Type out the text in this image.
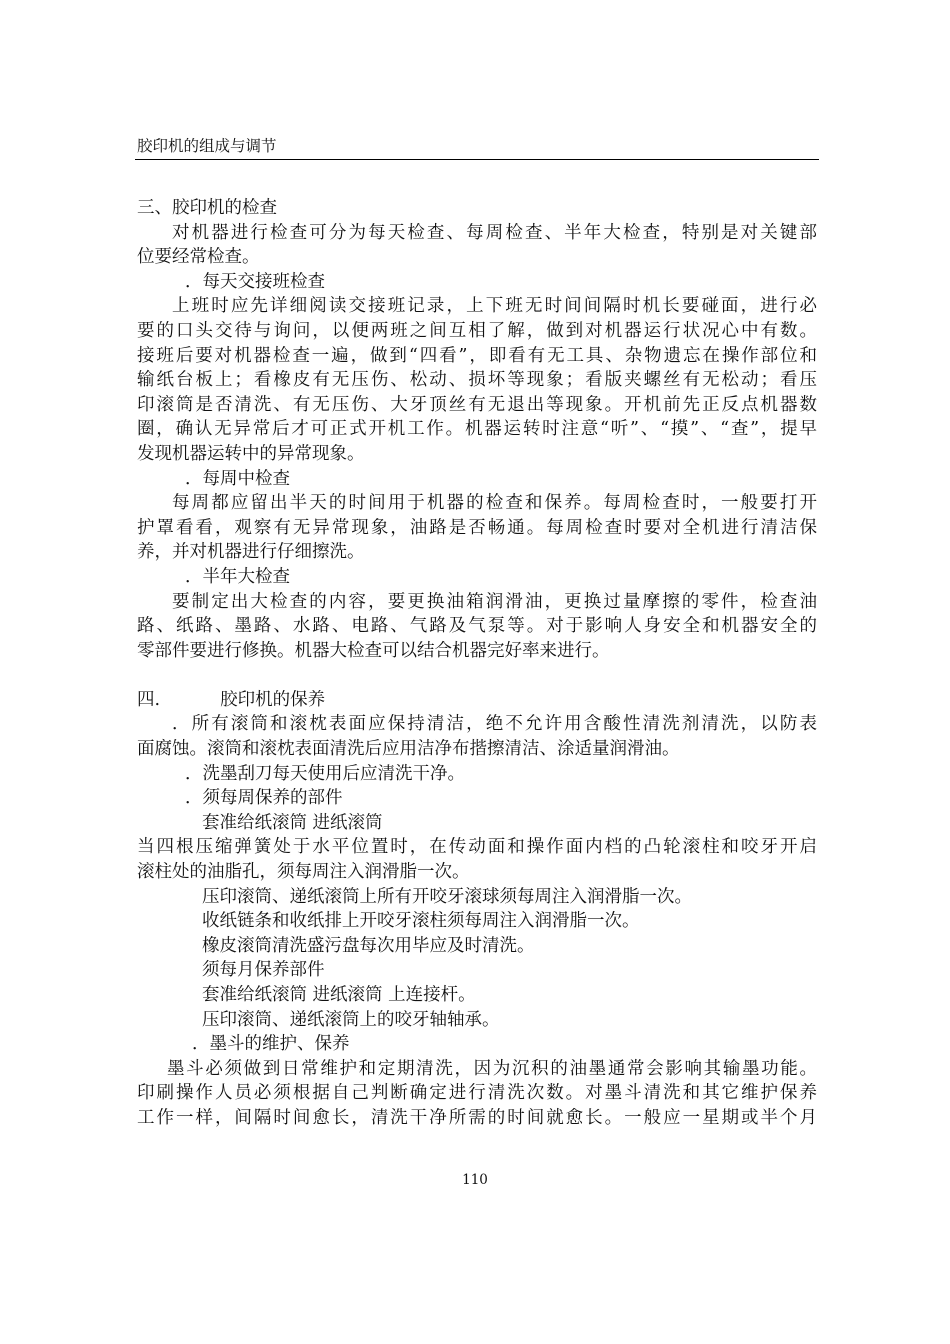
胶印机的组成与调节
三、胶印机的检查
对机器进行检查可分为每天检查、每周检查、半年大检查，特别是对关键部
位要经常检查。
．每天交接班检查
上班时应先详细阅读交接班记录，上下班无时间间隔时机长要碰面，进行必
要的口头交待与询问，以便两班之间互相了解，做到对机器运行状况心中有数。
接班后要对机器检查一遍，做到“四看”，即看有无工具、杂物遗忘在操作部位和
输纸台板上；看橡皮有无压伤、松动、损坏等现象；看版夹螺丝有无松动；看压
印滚筒是否清洗、有无压伤、大牙顶丝有无退出等现象。开机前先正反点机器数
圈，确认无异常后才可正式开机工作。机器运转时注意“听”、“摸”、“查”，提早
发现机器运转中的异常现象。
．每周中检查
每周都应留出半天的时间用于机器的检查和保养。每周检查时，一般要打开
护罩看看，观察有无异常现象，油路是否畅通。每周检查时要对全机进行清洁保
养，并对机器进行仔细擦洗。
．半年大检查
要制定出大检查的内容，要更换油箱润滑油，更换过量摩擦的零件，检查油
路、纸路、墨路、水路、电路、气路及气泵等。对于影响人身安全和机器安全的
零部件要进行修换。机器大检查可以结合机器完好率来进行。
四.	胶印机的保养
．所有滚筒和滚枕表面应保持清洁，绝不允许用含酸性清洗剂清洗，以防表
面腐蚀。滚筒和滚枕表面清洗后应用洁净布揩擦清洁、涂适量润滑油。
．洗墨刮刀每天使用后应清洗干净。
．须每周保养的部件
套准给纸滚筒 进纸滚筒
当四根压缩弹簧处于水平位置时，在传动面和操作面内档的凸轮滚柱和咬牙开启
滚柱处的油脂孔，须每周注入润滑脂一次。
压印滚筒、递纸滚筒上所有开咬牙滚球须每周注入润滑脂一次。
收纸链条和收纸排上开咬牙滚柱须每周注入润滑脂一次。
橡皮滚筒清洗盛污盘每次用毕应及时清洗。
须每月保养部件
套准给纸滚筒 进纸滚筒 上连接杆。
压印滚筒、递纸滚筒上的咬牙轴轴承。
．墨斗的维护、保养
墨斗必须做到日常维护和定期清洗，因为沉积的油墨通常会影响其输墨功能。
印刷操作人员必须根据自己判断确定进行清洗次数。对墨斗清洗和其它维护保养
工作一样，间隔时间愈长，清洗干净所需的时间就愈长。一般应一星期或半个月
110
